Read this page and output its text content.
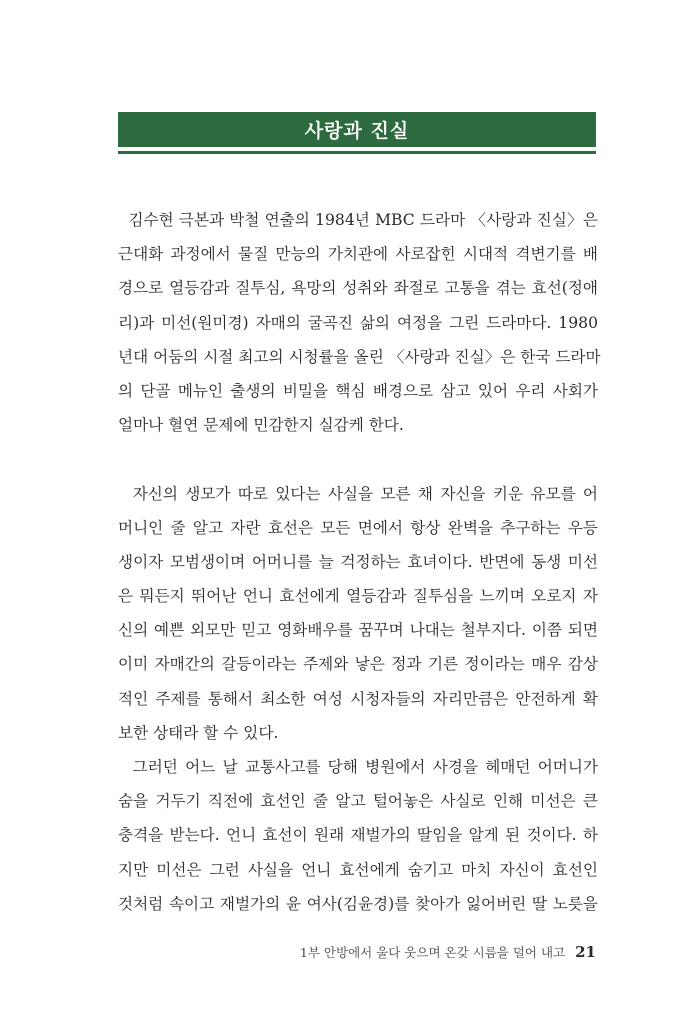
사랑과 진실
김수현 극본과 박철 연출의 1984년 MBC 드라마 〈사랑과 진실〉은
근대화 과정에서 물질 만능의 가치관에 사로잡힌 시대적 격변기를 배
경으로 열등감과 질투심, 욕망의 성취와 좌절로 고통을 겪는 효선(정애
리)과 미선(원미경) 자매의 굴곡진 삶의 여정을 그린 드라마다. 1980
년대 어둠의 시절 최고의 시청률을 올린 〈사랑과 진실〉은 한국 드라마
의 단골 메뉴인 출생의 비밀을 핵심 배경으로 삼고 있어 우리 사회가
얼마나 혈연 문제에 민감한지 실감케 한다.
자신의 생모가 따로 있다는 사실을 모른 채 자신을 키운 유모를 어
머니인 줄 알고 자란 효선은 모든 면에서 항상 완벽을 추구하는 우등
생이자 모범생이며 어머니를 늘 걱정하는 효녀이다. 반면에 동생 미선
은 뭐든지 뛰어난 언니 효선에게 열등감과 질투심을 느끼며 오로지 자
신의 예쁜 외모만 믿고 영화배우를 꿈꾸며 나대는 철부지다. 이쯤 되면
이미 자매간의 갈등이라는 주제와 낳은 정과 기른 정이라는 매우 감상
적인 주제를 통해서 최소한 여성 시청자들의 자리만큼은 안전하게 확
보한 상태라 할 수 있다.
그러던 어느 날 교통사고를 당해 병원에서 사경을 헤매던 어머니가
숨을 거두기 직전에 효선인 줄 알고 털어놓은 사실로 인해 미선은 큰
충격을 받는다. 언니 효선이 원래 재벌가의 딸임을 알게 된 것이다. 하
지만 미선은 그런 사실을 언니 효선에게 숨기고 마치 자신이 효선인
것처럼 속이고 재벌가의 윤 여사(김윤경)를 찾아가 잃어버린 딸 노릇을
1부 안방에서 울다 웃으며 온갖 시름을 덜어 내고 21
